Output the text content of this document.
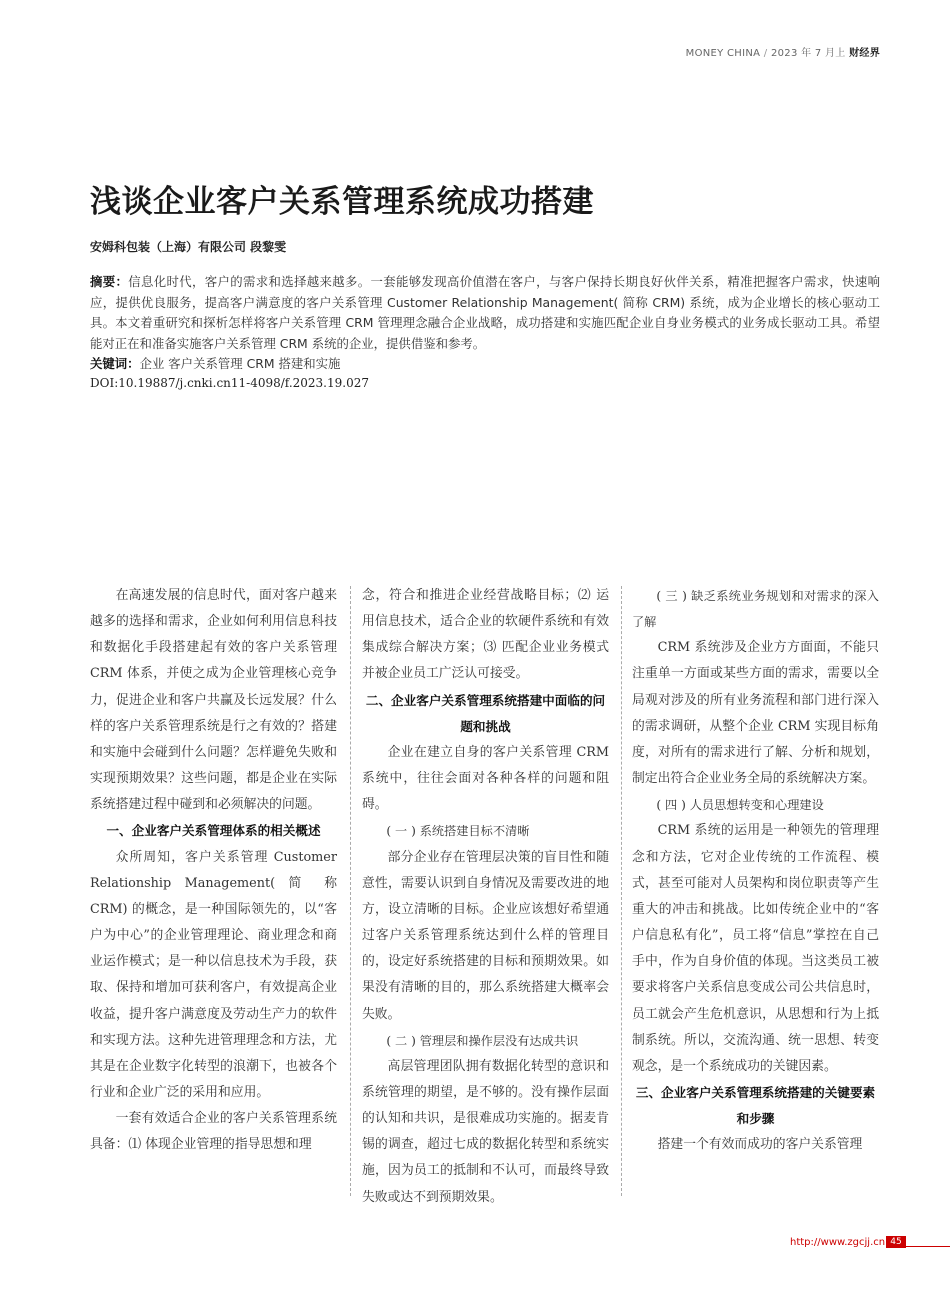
MONEY CHINA / 2023 年 7 月上 财经界
浅谈企业客户关系管理系统成功搭建
安姆科包装（上海）有限公司 段黎雯
摘要：信息化时代，客户的需求和选择越来越多。一套能够发现高价值潜在客户，与客户保持长期良好伙伴关系，精准把握客户需求，快速响应，提供优良服务，提高客户满意度的客户关系管理 Customer Relationship Management( 简称 CRM) 系统，成为企业增长的核心驱动工具。本文着重研究和探析怎样将客户关系管理 CRM 管理理念融合企业战略，成功搭建和实施匹配企业自身业务模式的业务成长驱动工具。希望能对正在和准备实施客户关系管理 CRM 系统的企业，提供借鉴和参考。
关键词：企业 客户关系管理 CRM 搭建和实施
DOI:10.19887/j.cnki.cn11-4098/f.2023.19.027

在高速发展的信息时代，面对客户越来越多的选择和需求，企业如何利用信息科技和数据化手段搭建起有效的客户关系管理 CRM 体系，并使之成为企业管理核心竞争力，促进企业和客户共赢及长远发展？什么样的客户关系管理系统是行之有效的？搭建和实施中会碰到什么问题？怎样避免失败和实现预期效果？这些问题，都是企业在实际系统搭建过程中碰到和必须解决的问题。

一、企业客户关系管理体系的相关概述

众所周知，客户关系管理 Customer Relationship Management( 简 称 CRM) 的概念，是一种国际领先的，以“客户为中心”的企业管理理论、商业理念和商业运作模式；是一种以信息技术为手段，获取、保持和增加可获利客户，有效提高企业收益，提升客户满意度及劳动生产力的软件和实现方法。这种先进管理理念和方法，尤其是在企业数字化转型的浪潮下，也被各个行业和企业广泛的采用和应用。

一套有效适合企业的客户关系管理系统具备：⑴ 体现企业管理的指导思想和理

念，符合和推进企业经营战略目标；⑵ 运用信息技术，适合企业的软硬件系统和有效集成综合解决方案；⑶ 匹配企业业务模式并被企业员工广泛认可接受。

二、企业客户关系管理系统搭建中面临的问题和挑战

企业在建立自身的客户关系管理 CRM 系统中，往往会面对各种各样的问题和阻碍。

( 一 ) 系统搭建目标不清晰

部分企业存在管理层决策的盲目性和随意性，需要认识到自身情况及需要改进的地方，设立清晰的目标。企业应该想好希望通过客户关系管理系统达到什么样的管理目的，设定好系统搭建的目标和预期效果。如果没有清晰的目的，那么系统搭建大概率会失败。

( 二 ) 管理层和操作层没有达成共识

高层管理团队拥有数据化转型的意识和系统管理的期望，是不够的。没有操作层面的认知和共识，是很难成功实施的。据麦肯锡的调查，超过七成的数据化转型和系统实施，因为员工的抵制和不认可，而最终导致失败或达不到预期效果。

( 三 ) 缺乏系统业务规划和对需求的深入了解

CRM 系统涉及企业方方面面，不能只注重单一方面或某些方面的需求，需要以全局观对涉及的所有业务流程和部门进行深入的需求调研，从整个企业 CRM 实现目标角度，对所有的需求进行了解、分析和规划，制定出符合企业业务全局的系统解决方案。

( 四 ) 人员思想转变和心理建设

CRM 系统的运用是一种领先的管理理念和方法，它对企业传统的工作流程、模式，甚至可能对人员架构和岗位职责等产生重大的冲击和挑战。比如传统企业中的“客户信息私有化”，员工将“信息”掌控在自己手中，作为自身价值的体现。当这类员工被要求将客户关系信息变成公司公共信息时，员工就会产生危机意识，从思想和行为上抵制系统。所以，交流沟通、统一思想、转变观念，是一个系统成功的关键因素。

三、企业客户关系管理系统搭建的关键要素和步骤

搭建一个有效而成功的客户关系管理

http://www.zgcjj.cn 45
